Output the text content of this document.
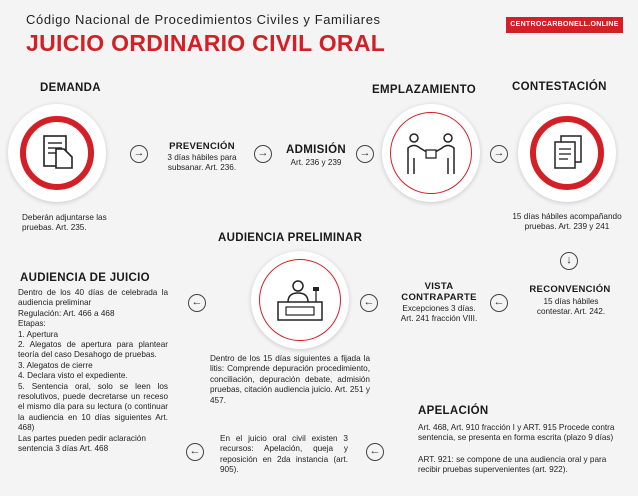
Código Nacional de Procedimientos Civiles y Familiares
JUICIO ORDINARIO CIVIL ORAL
CENTROCARBONELL.ONLINE
DEMANDA
Deberán adjuntarse las pruebas. Art. 235.
→
PREVENCIÓN
3 días hábiles para subsanar. Art. 236.
→	ADMISIÓN
Art. 236 y 239
→
EMPLAZAMIENTO
→
CONTESTACIÓN
15 días hábiles acompañando pruebas. Art. 239 y 241
↓
RECONVENCIÓN
15 días hábiles contestar. Art. 242.
←
VISTA
CONTRAPARTE
Excepciones 3 días. Art. 241 fracción VIII.
←
AUDIENCIA PRELIMINAR
Dentro de los 15 días siguientes a fijada la litis: Comprende depuración procedimiento, conciliación, depuración debate, admisión pruebas, citación audiencia juicio. Art. 251 y 457.
←
AUDIENCIA DE JUICIO
Dentro de los 40 días de celebrada la audiencia preliminar
Regulación: Art. 466 a 468
Etapas:
1. Apertura
2. Alegatos de apertura para plantear teoría del caso Desahogo de pruebas.
3. Alegatos de cierre
4. Declara visto el expediente.
5. Sentencia oral, solo se leen los resolutivos, puede decretarse un receso el mismo día para su lectura (o continuar la audiencia en 10 días siguientes Art. 468)
Las partes pueden pedir aclaración sentencia 3 días Art. 468	←
En el juicio oral civil existen 3 recursos: Apelación, queja y reposición en 2da instancia (art. 905).
←
APELACIÓN
Art. 468, Art. 910 fracción I y ART. 915 Procede contra sentencia, se presenta en forma escrita (plazo 9 días)
ART. 921: se compone de una audiencia oral y para recibir pruebas supervenientes (art. 922).
